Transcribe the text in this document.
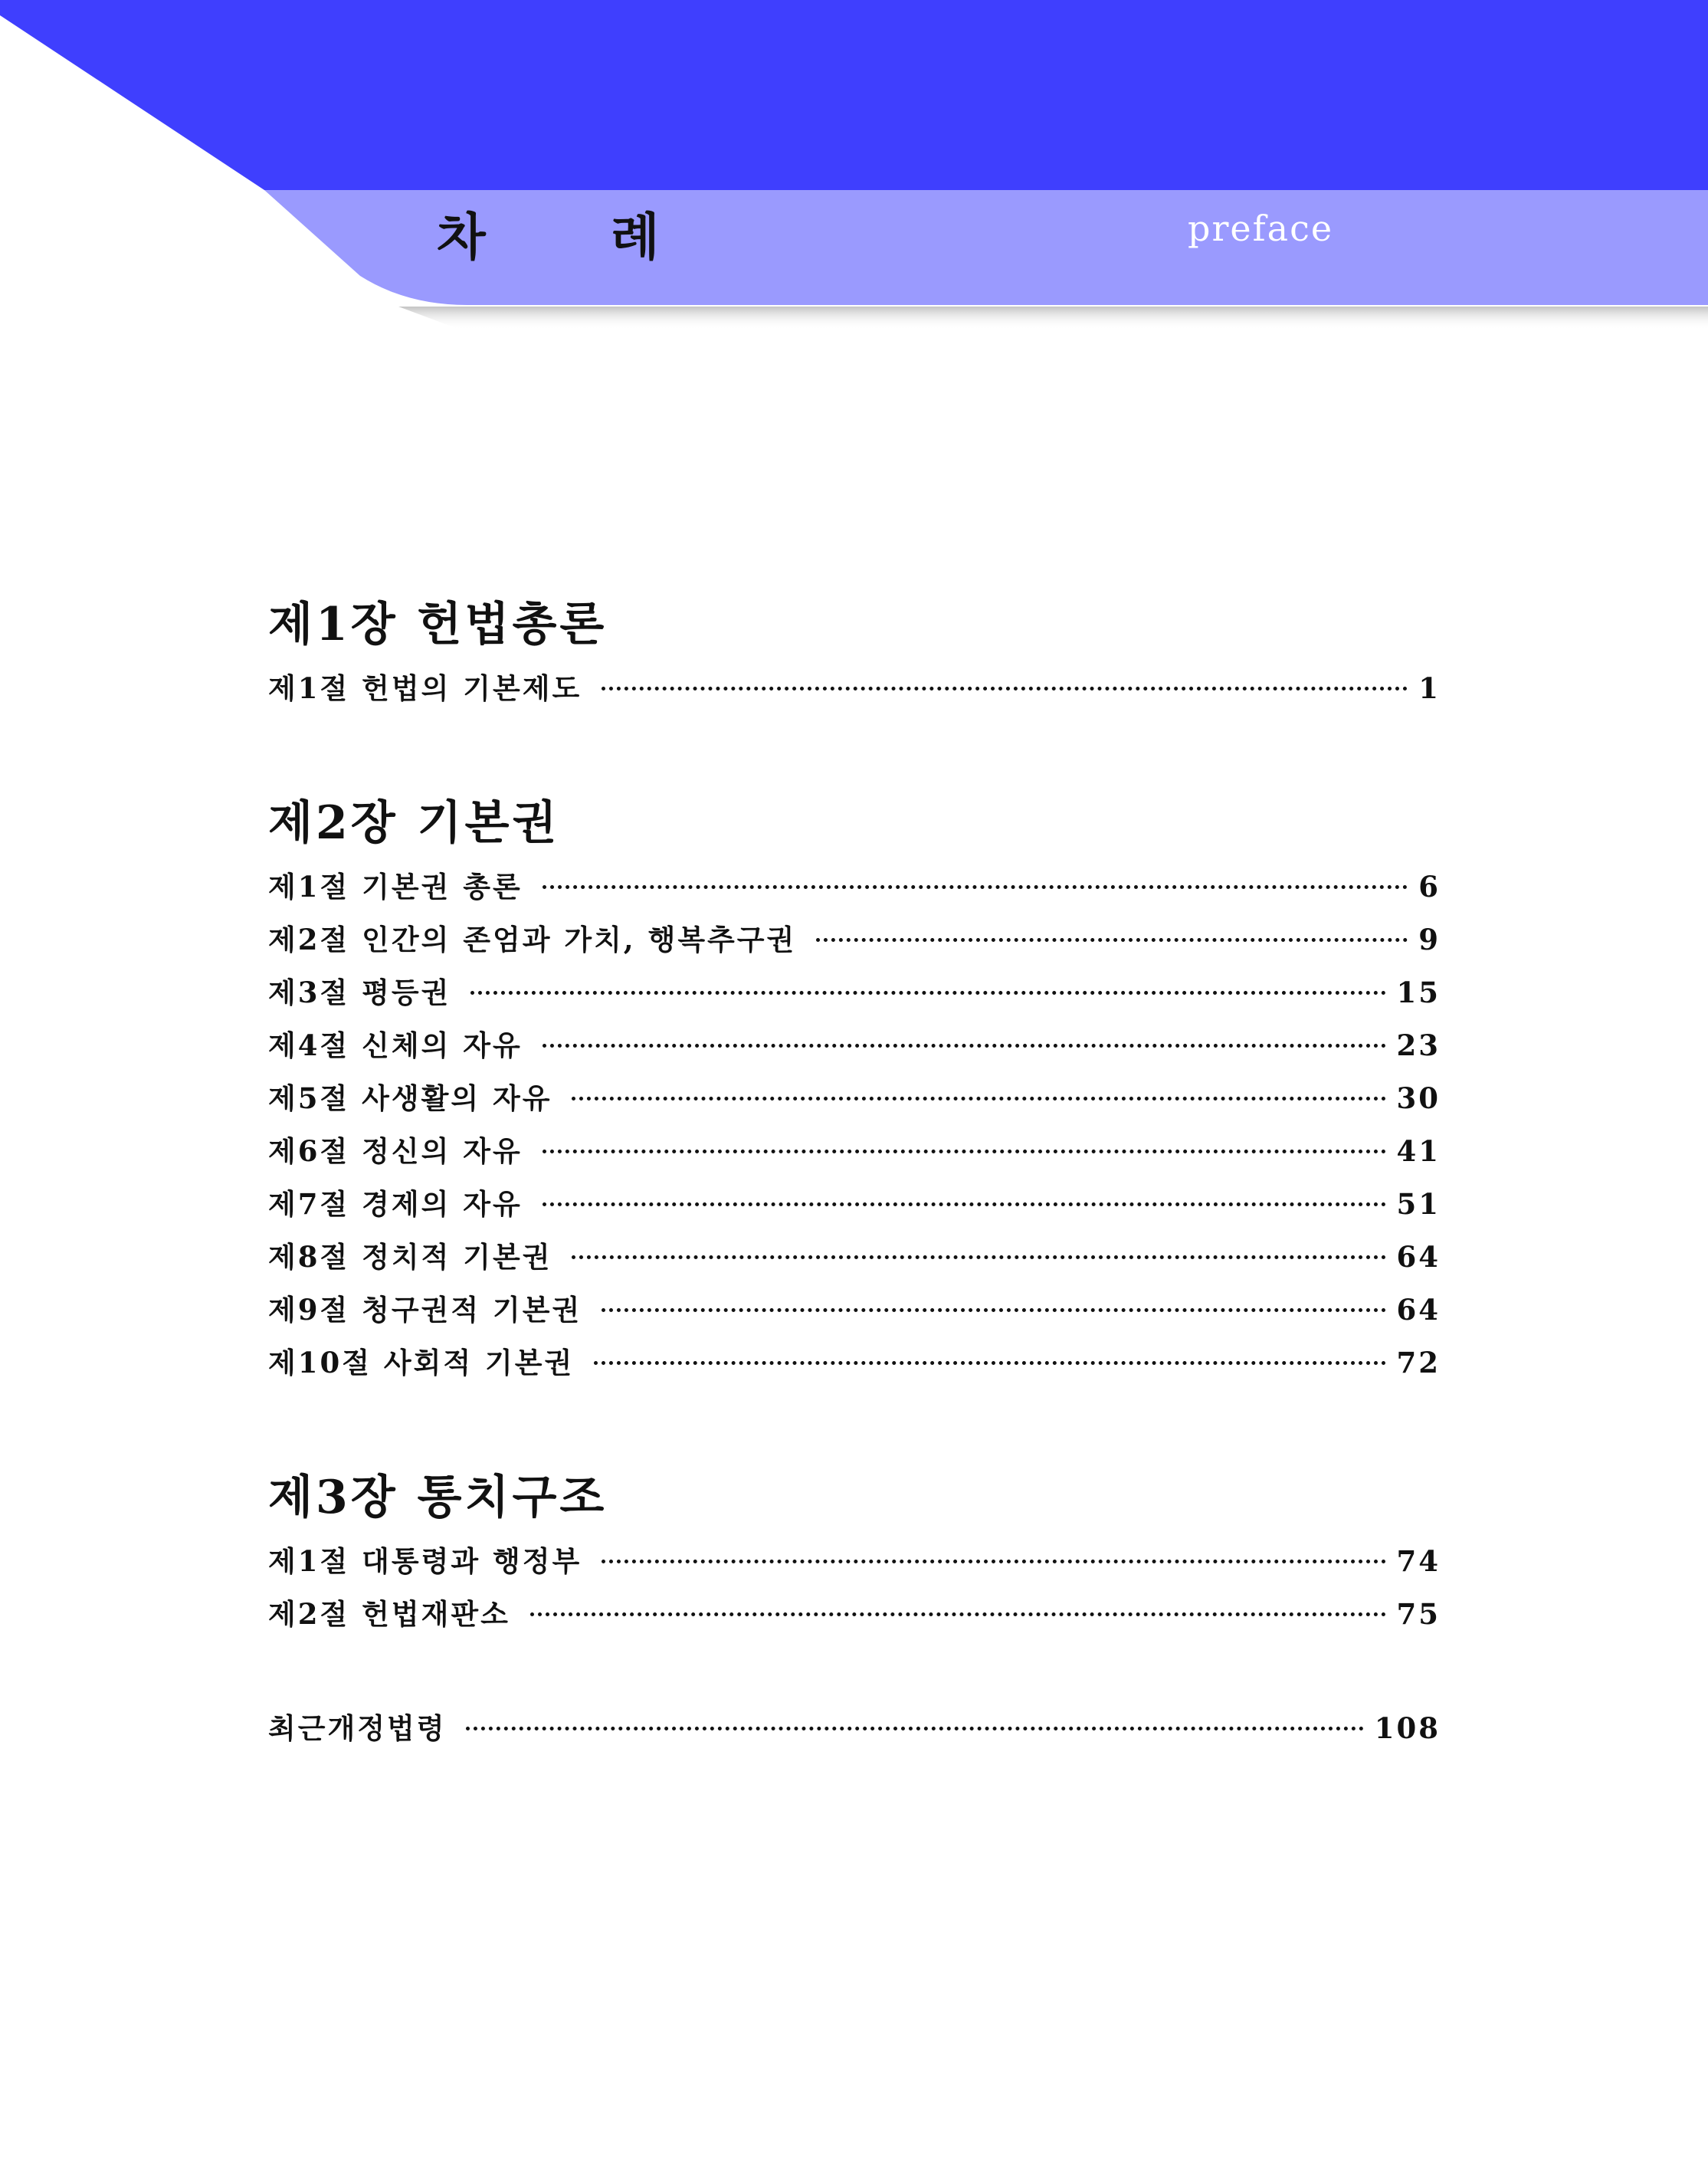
차 례	preface
제1장 헌법총론
제1절 헌법의 기본제도	1
제2장 기본권
제1절 기본권 총론	6
제2절 인간의 존엄과 가치, 행복추구권	9
제3절 평등권	15
제4절 신체의 자유	23
제5절 사생활의 자유	30
제6절 정신의 자유	41
제7절 경제의 자유	51
제8절 정치적 기본권	64
제9절 청구권적 기본권	64
제10절 사회적 기본권	72
제3장 통치구조
제1절 대통령과 행정부	74
제2절 헌법재판소	75
최근개정법령	108
